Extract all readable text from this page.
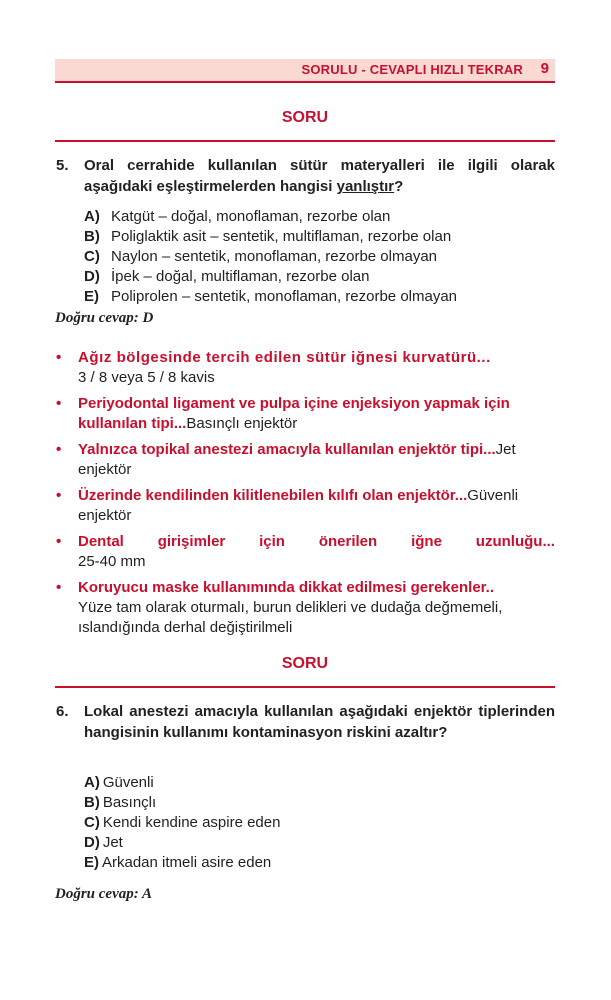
SORULU - CEVAPLI HIZLI TEKRAR 9
SORU
5. Oral cerrahide kullanılan sütür materyalleri ile ilgili olarak
aşağıdaki eşleştirmelerden hangisi yanlıştır?
A) Katgüt – doğal, monoflaman, rezorbe olan
B) Poliglaktik asit – sentetik, multiflaman, rezorbe olan
C) Naylon – sentetik, monoflaman, rezorbe olmayan
D) İpek – doğal, multiflaman, rezorbe olan
E) Poliprolen – sentetik, monoflaman, rezorbe olmayan
Doğru cevap: D
• Ağız bölgesinde tercih edilen sütür iğnesi kurvatürü...
3 / 8 veya 5 / 8 kavis
• Periyodontal ligament ve pulpa içine enjeksiyon yapmak için kullanılan tipi...Basınçlı enjektör
• Yalnızca topikal anestezi amacıyla kullanılan enjektör tipi...Jet enjektör
• Üzerinde kendilinden kilitlenebilen kılıfı olan enjektör...Güvenli enjektör
• Dental girişimler için önerilen iğne uzunluğu...
25-40 mm
• Koruyucu maske kullanımında dikkat edilmesi gerekenler..
Yüze tam olarak oturmalı, burun delikleri ve dudağa değmemeli, ıslandığında derhal değiştirilmeli
SORU
6. Lokal anestezi amacıyla kullanılan aşağıdaki enjektör tiplerinden hangisinin kullanımı kontaminasyon riskini azaltır?
A) Güvenli
B) Basınçlı
C) Kendi kendine aspire eden
D) Jet
E) Arkadan itmeli asire eden
Doğru cevap: A
